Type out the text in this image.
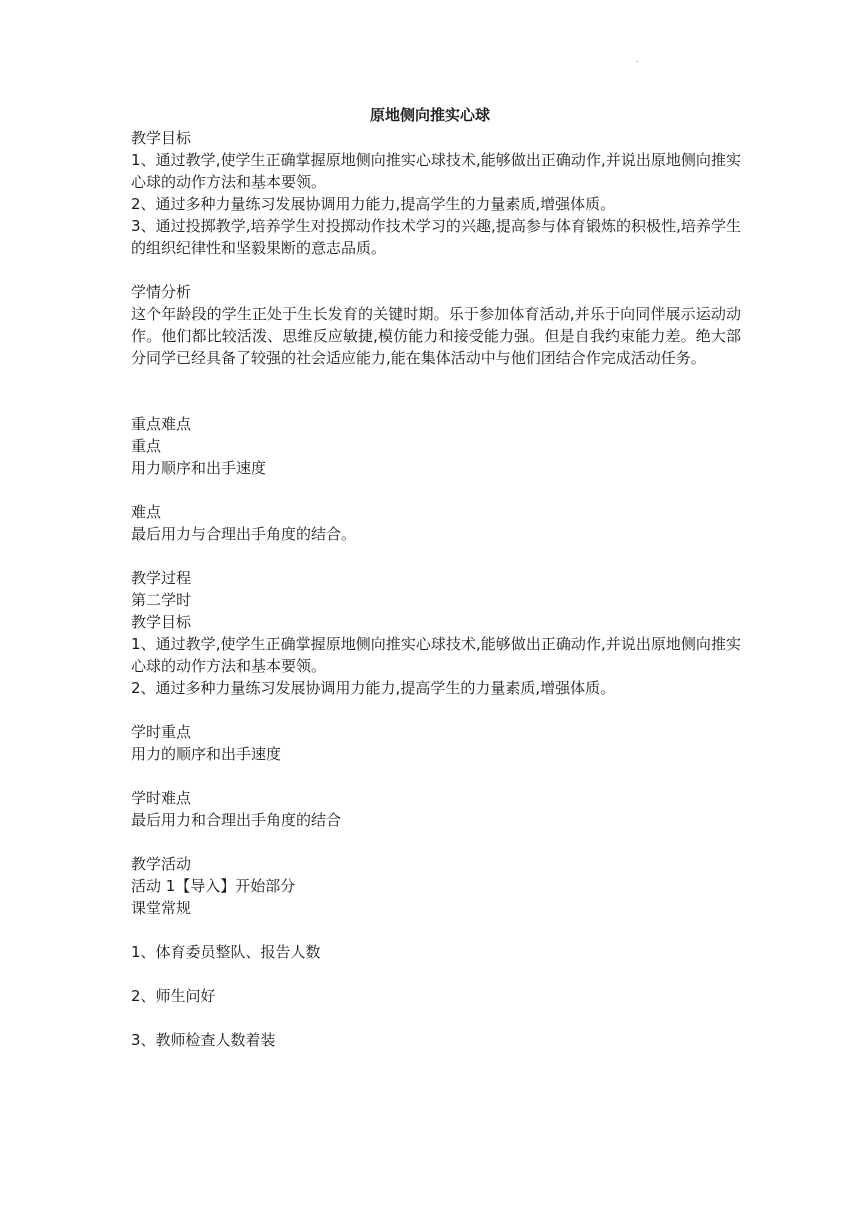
.
原地侧向推实心球
教学目标
1、通过教学,使学生正确掌握原地侧向推实心球技术,能够做出正确动作,并说出原地侧向推实心球的动作方法和基本要领。
2、通过多种力量练习发展协调用力能力,提高学生的力量素质,增强体质。
3、通过投掷教学,培养学生对投掷动作技术学习的兴趣,提高参与体育锻炼的积极性,培养学生的组织纪律性和坚毅果断的意志品质。
学情分析
这个年龄段的学生正处于生长发育的关键时期。乐于参加体育活动,并乐于向同伴展示运动动作。他们都比较活泼、思维反应敏捷,模仿能力和接受能力强。但是自我约束能力差。绝大部分同学已经具备了较强的社会适应能力,能在集体活动中与他们团结合作完成活动任务。
重点难点
重点
用力顺序和出手速度
难点
最后用力与合理出手角度的结合。
教学过程
第二学时
教学目标
1、通过教学,使学生正确掌握原地侧向推实心球技术,能够做出正确动作,并说出原地侧向推实心球的动作方法和基本要领。
2、通过多种力量练习发展协调用力能力,提高学生的力量素质,增强体质。
学时重点
用力的顺序和出手速度
学时难点
最后用力和合理出手角度的结合
教学活动
活动 1【导入】开始部分
课堂常规
1、体育委员整队、报告人数
2、师生问好
3、教师检查人数着装
